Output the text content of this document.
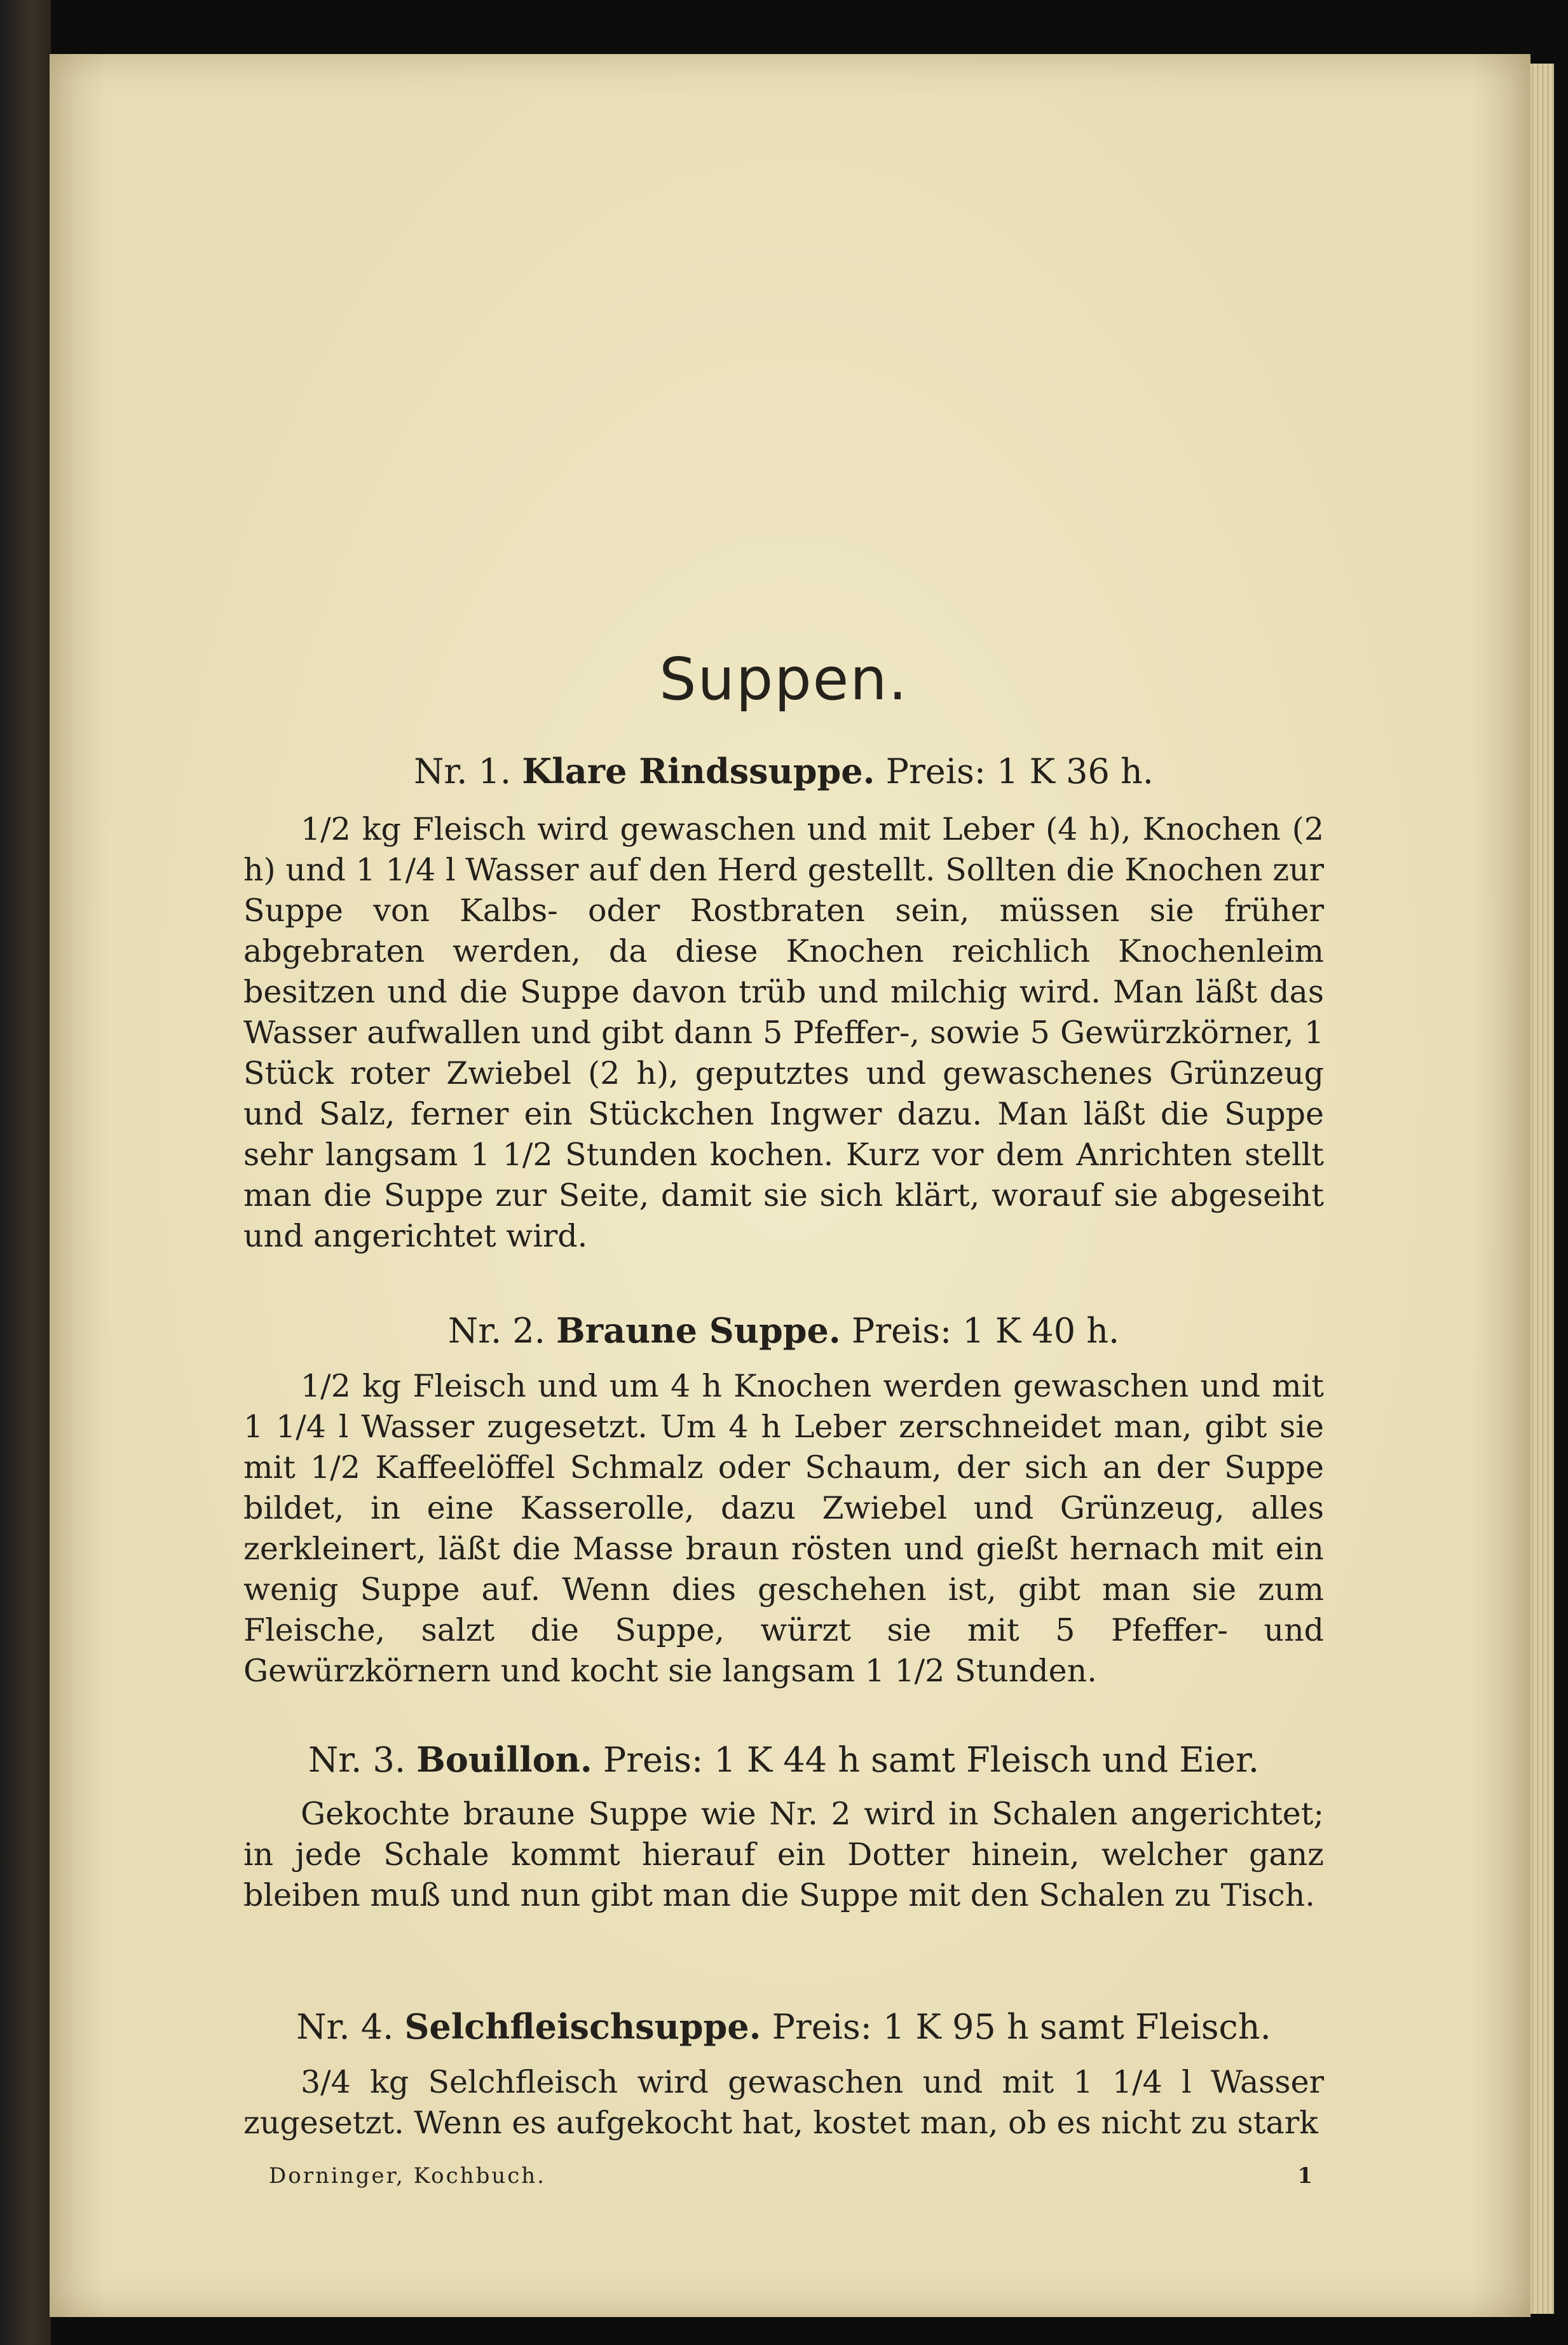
Suppen.

Nr. 1. Klare Rindssuppe. Preis: 1 K 36 h.

1/2 kg Fleisch wird gewaschen und mit Leber (4 h), Knochen (2 h) und 1 1/4 l Wasser auf den Herd gestellt. Sollten die Knochen zur Suppe von Kalbs- oder Rostbraten sein, müssen sie früher abgebraten werden, da diese Knochen reichlich Knochenleim besitzen und die Suppe davon trüb und milchig wird. Man läßt das Wasser aufwallen und gibt dann 5 Pfeffer-, sowie 5 Gewürzkörner, 1 Stück roter Zwiebel (2 h), geputztes und gewaschenes Grünzeug und Salz, ferner ein Stückchen Ingwer dazu. Man läßt die Suppe sehr langsam 1 1/2 Stunden kochen. Kurz vor dem Anrichten stellt man die Suppe zur Seite, damit sie sich klärt, worauf sie abgeseiht und angerichtet wird.

Nr. 2. Braune Suppe. Preis: 1 K 40 h.

1/2 kg Fleisch und um 4 h Knochen werden gewaschen und mit 1 1/4 l Wasser zugesetzt. Um 4 h Leber zerschneidet man, gibt sie mit 1/2 Kaffeelöffel Schmalz oder Schaum, der sich an der Suppe bildet, in eine Kasserolle, dazu Zwiebel und Grünzeug, alles zerkleinert, läßt die Masse braun rösten und gießt hernach mit ein wenig Suppe auf. Wenn dies geschehen ist, gibt man sie zum Fleische, salzt die Suppe, würzt sie mit 5 Pfeffer- und Gewürzkörnern und kocht sie langsam 1 1/2 Stunden.

Nr. 3. Bouillon. Preis: 1 K 44 h samt Fleisch und Eier.

Gekochte braune Suppe wie Nr. 2 wird in Schalen angerichtet; in jede Schale kommt hierauf ein Dotter hinein, welcher ganz bleiben muß und nun gibt man die Suppe mit den Schalen zu Tisch.

Nr. 4. Selchfleischsuppe. Preis: 1 K 95 h samt Fleisch.

3/4 kg Selchfleisch wird gewaschen und mit 1 1/4 l Wasser zugesetzt. Wenn es aufgekocht hat, kostet man, ob es nicht zu stark

Dorninger, Kochbuch.	1
